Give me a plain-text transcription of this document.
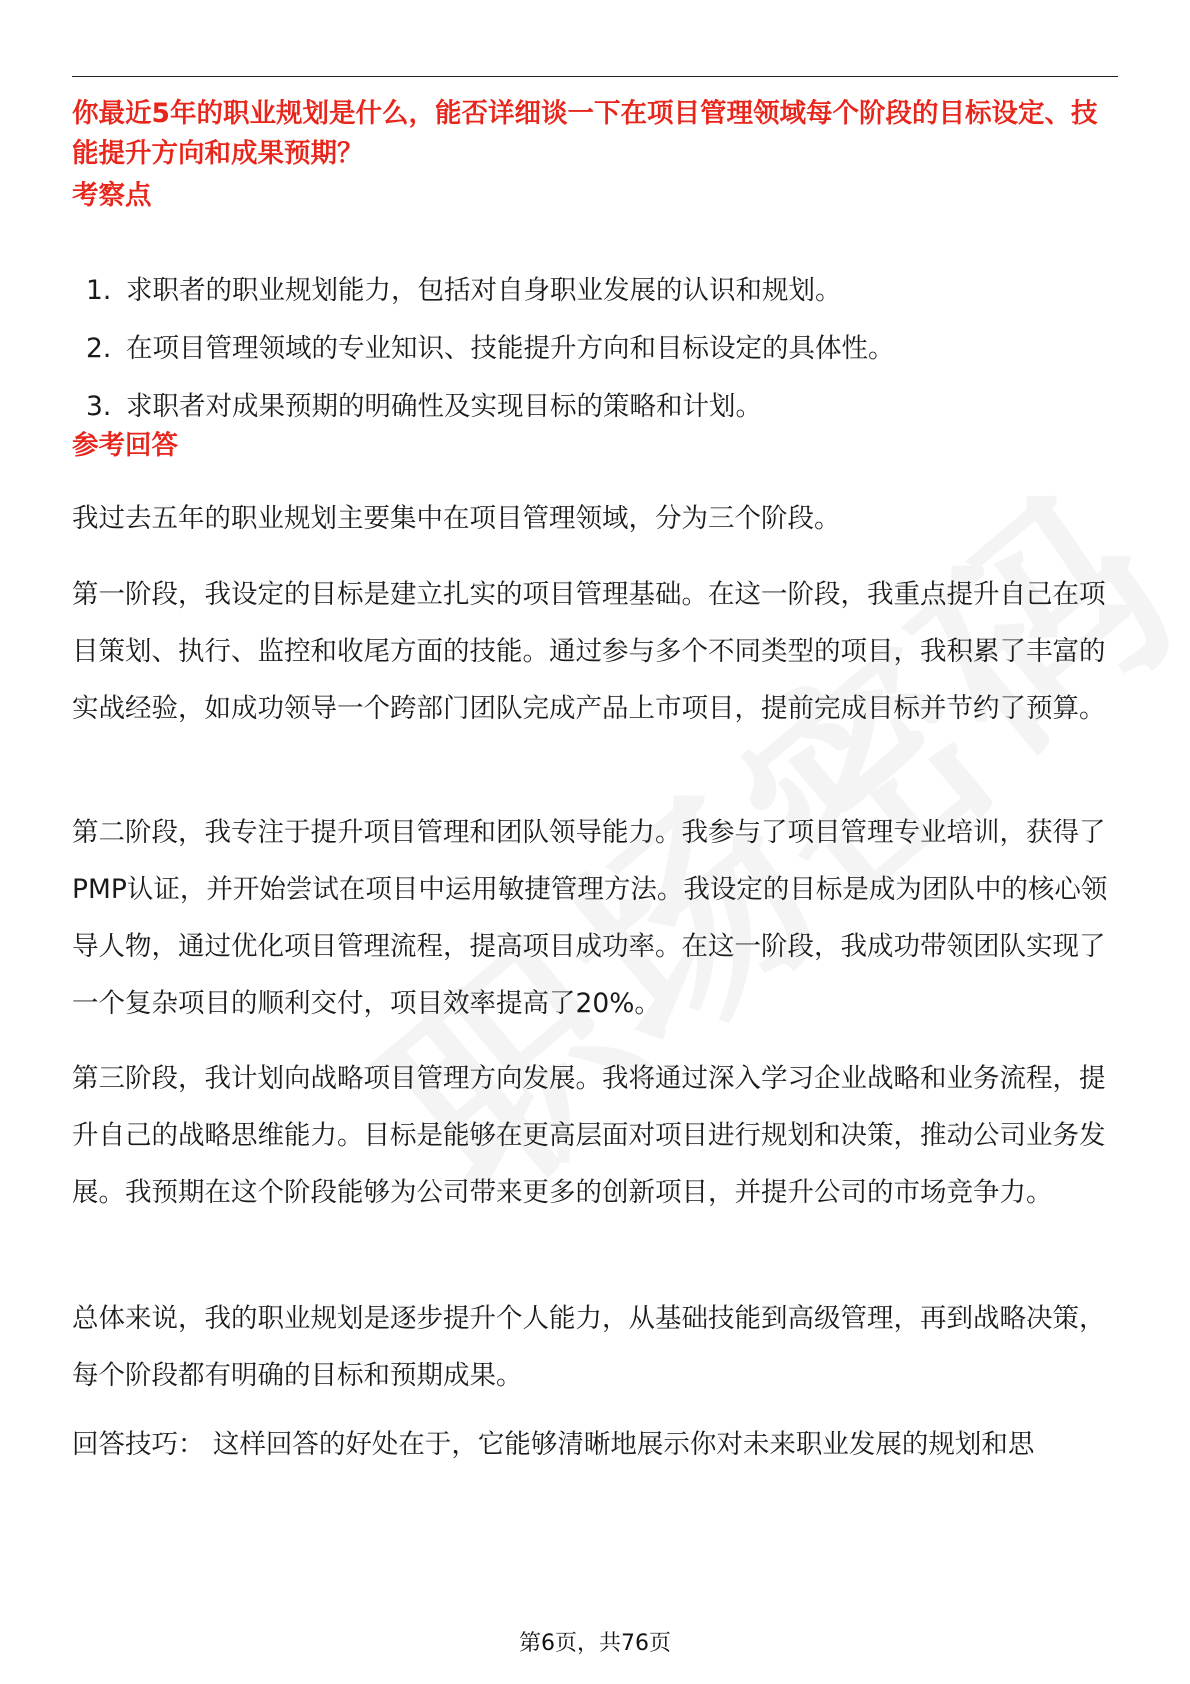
你最近5年的职业规划是什么，能否详细谈一下在项目管理领域每个阶段的目标设定、技能提升方向和成果预期？
考察点
1. 求职者的职业规划能力，包括对自身职业发展的认识和规划。
2. 在项目管理领域的专业知识、技能提升方向和目标设定的具体性。
3. 求职者对成果预期的明确性及实现目标的策略和计划。
参考回答
我过去五年的职业规划主要集中在项目管理领域，分为三个阶段。
第一阶段，我设定的目标是建立扎实的项目管理基础。在这一阶段，我重点提升自己在项目策划、执行、监控和收尾方面的技能。通过参与多个不同类型的项目，我积累了丰富的实战经验，如成功领导一个跨部门团队完成产品上市项目，提前完成目标并节约了预算。
第二阶段，我专注于提升项目管理和团队领导能力。我参与了项目管理专业培训，获得了PMP认证，并开始尝试在项目中运用敏捷管理方法。我设定的目标是成为团队中的核心领导人物，通过优化项目管理流程，提高项目成功率。在这一阶段，我成功带领团队实现了一个复杂项目的顺利交付，项目效率提高了20%。
第三阶段，我计划向战略项目管理方向发展。我将通过深入学习企业战略和业务流程，提升自己的战略思维能力。目标是能够在更高层面对项目进行规划和决策，推动公司业务发展。我预期在这个阶段能够为公司带来更多的创新项目，并提升公司的市场竞争力。
总体来说，我的职业规划是逐步提升个人能力，从基础技能到高级管理，再到战略决策，每个阶段都有明确的目标和预期成果。
回答技巧： 这样回答的好处在于，它能够清晰地展示你对未来职业发展的规划和思
第6页，共76页
